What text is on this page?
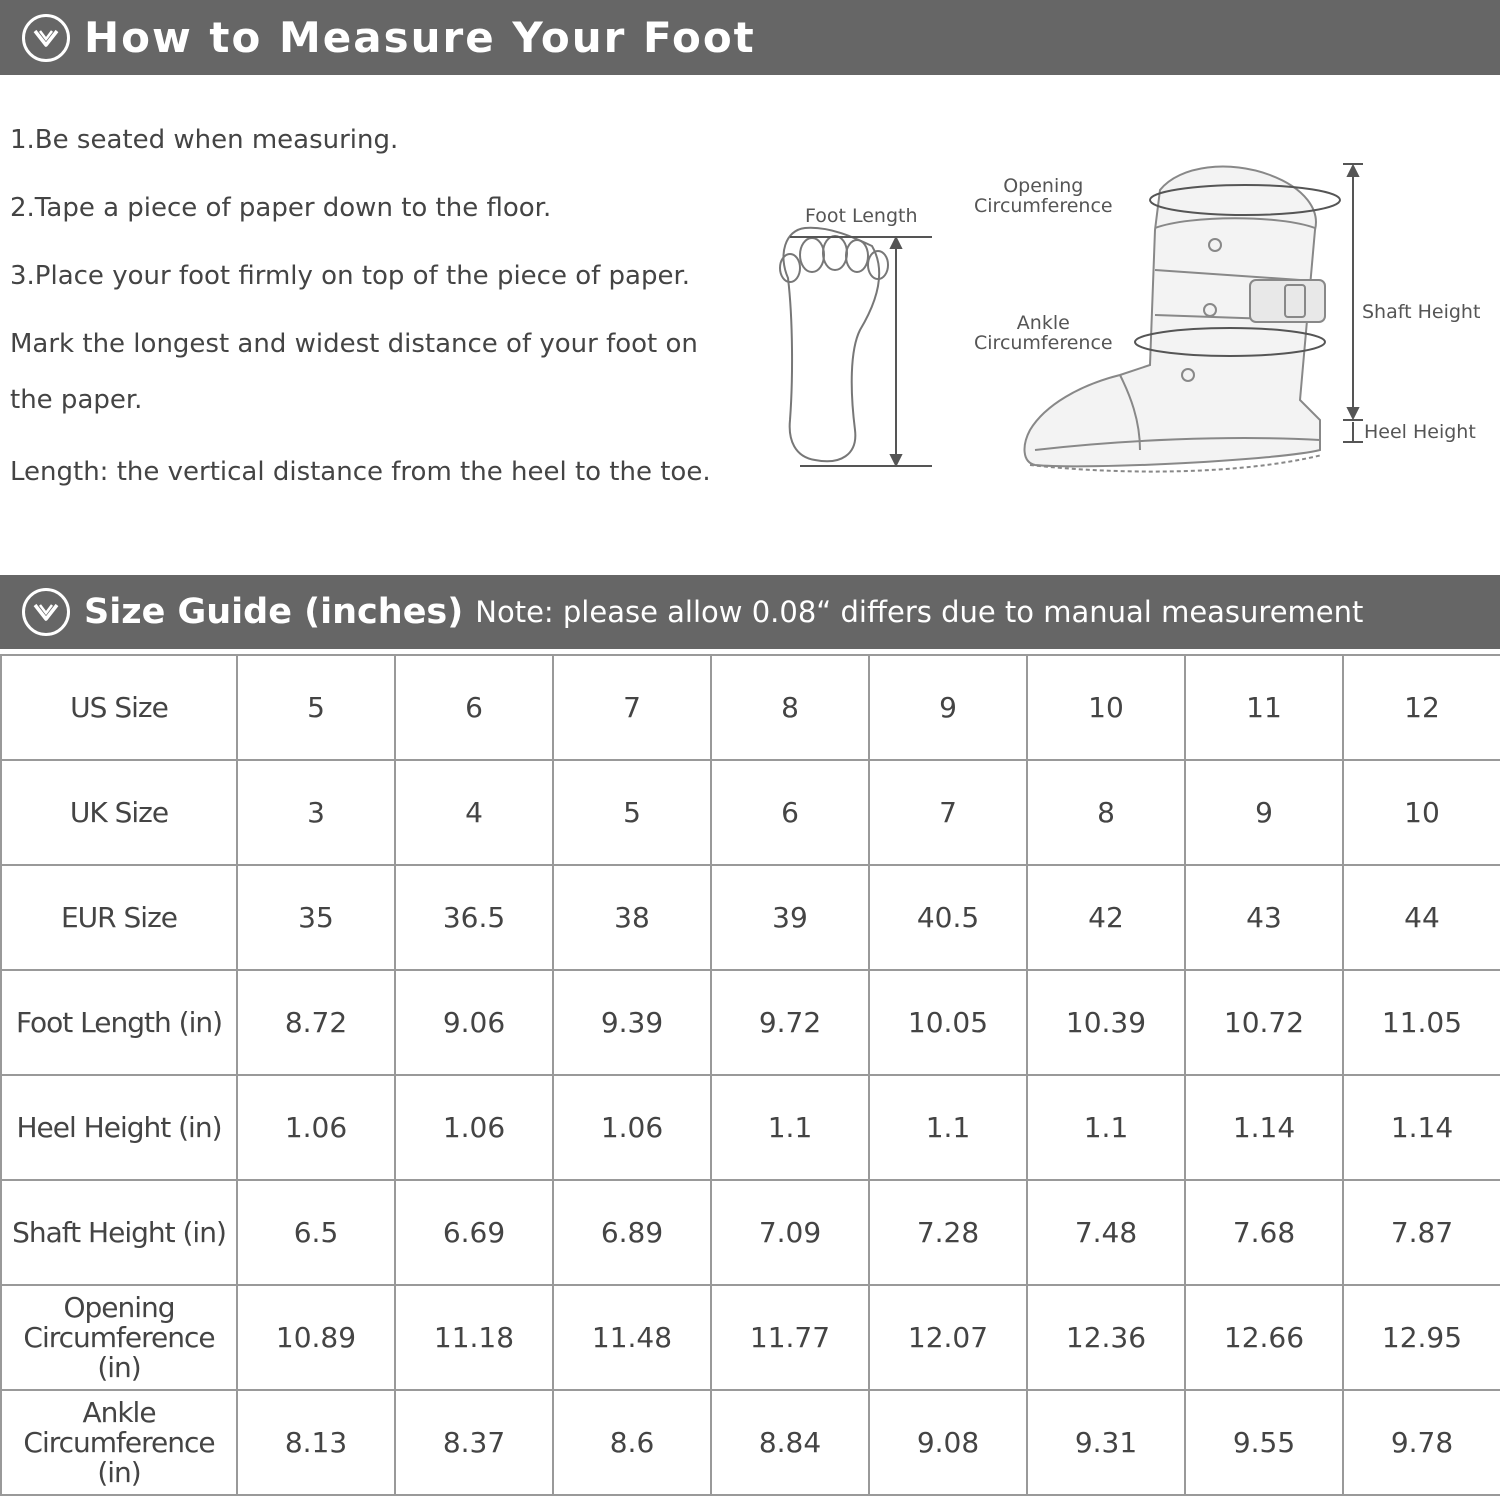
How to Measure Your Foot
1.Be seated when measuring.
2.Tape a piece of paper down to the floor.
3.Place your foot firmly on top of the piece of paper.
Mark the longest and widest distance of your foot on
the paper.
Length: the vertical distance from the heel to the toe.
Foot Length
Opening
Circumference
Ankle
Circumference
Shaft Height
Heel Height
Size Guide (inches) Note: please allow 0.08“ differs due to manual measurement
US Size	5	6	7	8	9	10	11	12
UK Size	3	4	5	6	7	8	9	10
EUR Size	35	36.5	38	39	40.5	42	43	44
Foot Length (in)	8.72	9.06	9.39	9.72	10.05	10.39	10.72	11.05
Heel Height (in)	1.06	1.06	1.06	1.1	1.1	1.1	1.14	1.14
Shaft Height (in)	6.5	6.69	6.89	7.09	7.28	7.48	7.68	7.87

Opening
Circumference (in)	10.89	11.18	11.48	11.77	12.07	12.36	12.66	12.95

Ankle
Circumference (in)	8.13	8.37	8.6	8.84	9.08	9.31	9.55	9.78
